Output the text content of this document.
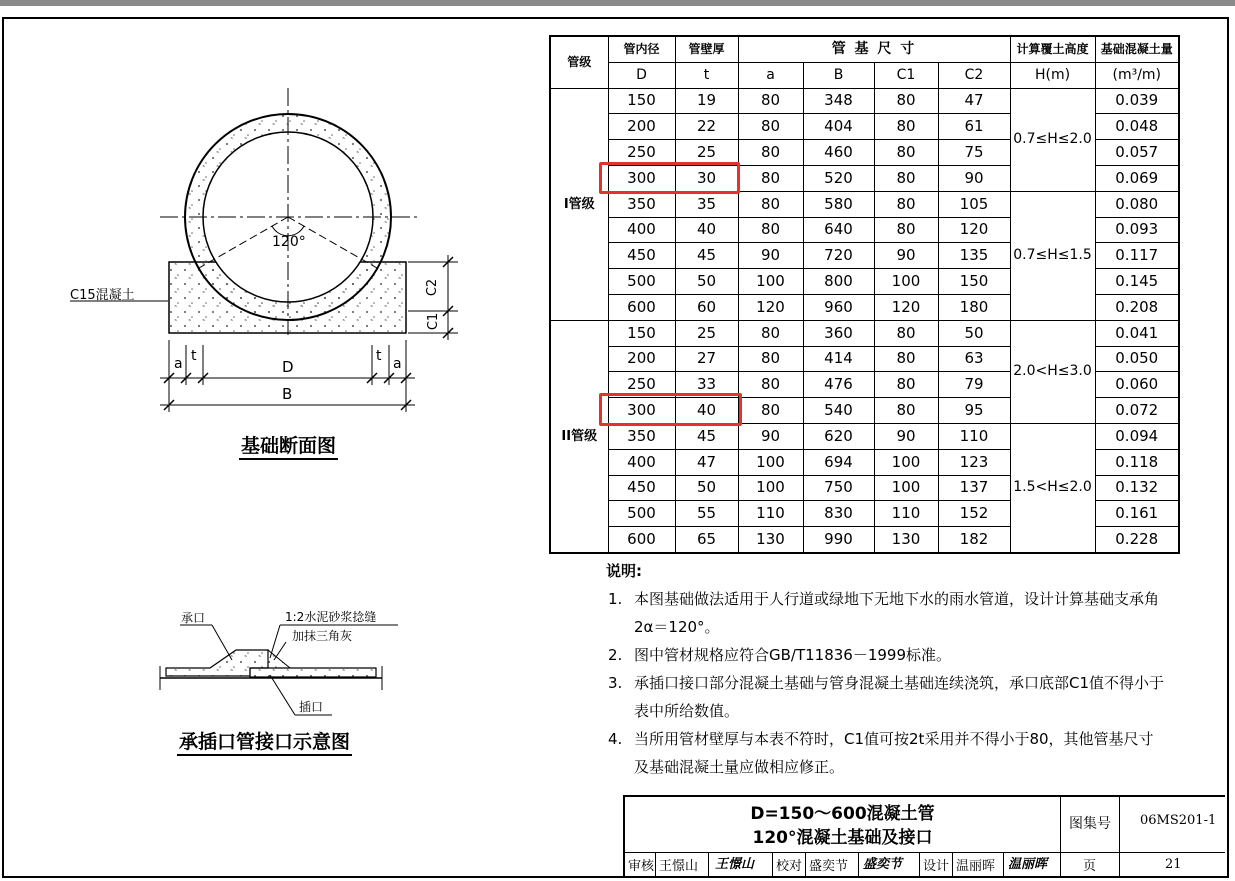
120°
C15混凝土	C2
C1
a t
D
t a
B
基础断面图
承口	1:2水泥砂浆捻缝
加抹三角灰
插口
承插口管接口示意图
管级	管内径	管壁厚	管 基 尺 寸				计算覆土高度	基础混凝土量
	D	t	a	B	C1	C2	H(m)	(m³/m)
I管级	150	19	80	348	80	47	0.7≤H≤2.0	0.039
	200	22	80	404	80	61		0.048
	250	25	80	460	80	75		0.057
	300	30	80	520	80	90		0.069
	350	35	80	580	80	105	0.7≤H≤1.5	0.080
	400	40	80	640	80	120		0.093
	450	45	90	720	90	135		0.117
	500	50	100	800	100	150		0.145
	600	60	120	960	120	180		0.208
II管级	150	25	80	360	80	50	2.0<H≤3.0	0.041
	200	27	80	414	80	63		0.050
	250	33	80	476	80	79		0.060
	300	40	80	540	80	95		0.072
	350	45	90	620	90	110	1.5<H≤2.0	0.094
	400	47	100	694	100	123		0.118
	450	50	100	750	100	137		0.132
	500	55	110	830	110	152		0.161
	600	65	130	990	130	182		0.228
说明:
1. 本图基础做法适用于人行道或绿地下无地下水的雨水管道，设计计算基础支承角2α＝120°。
2. 图中管材规格应符合GB/T11836－1999标准。
3. 承插口接口部分混凝土基础与管身混凝土基础连续浇筑，承口底部C1值不得小于表中所给数值。
4. 当所用管材壁厚与本表不符时，C1值可按2t采用并不得小于80，其他管基尺寸及基础混凝土量应做相应修正。
D=150～600混凝土管
120°混凝土基础及接口
图集号 06MS201-1
审核 王憬山 王憬山 校对 盛奕节 盛奕节 设计 温丽晖 温丽晖	页	21
